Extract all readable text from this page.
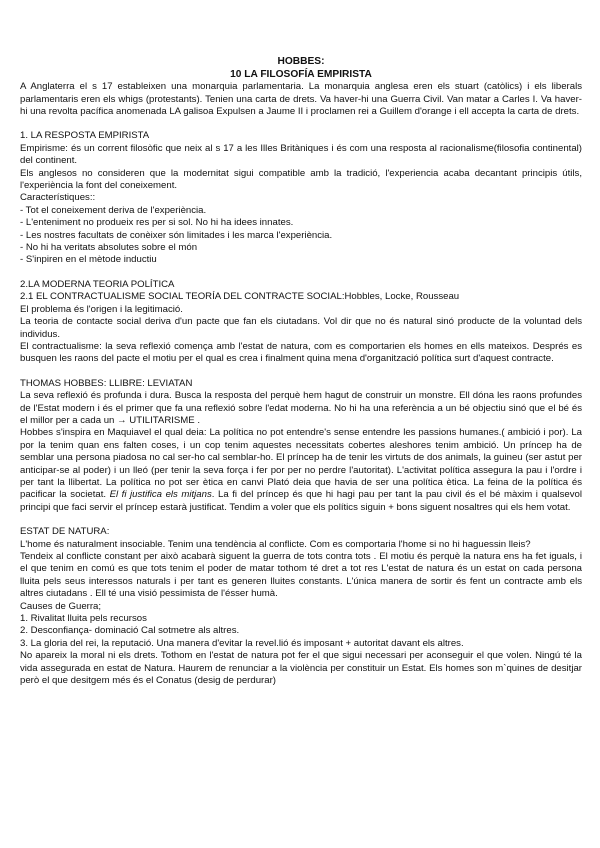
HOBBES:

10 LA FILOSOFÍA EMPIRISTA

A Anglaterra el s 17 estableixen una monarquia parlamentaria. La monarquia anglesa eren els stuart (catòlics) i els liberals parlamentaris eren els whigs (protestants). Tenien una carta de drets. Va haver-hi una Guerra Civil. Van matar a Carles I. Va haver-hi una revolta pacífica anomenada LA galisoa Expulsen a Jaume II i proclamen rei a Guillem d'orange i ell accepta la carta de drets.

1. LA RESPOSTA EMPIRISTA

Empirisme: és un corrent filosòfic que neix al s 17 a les Illes Britàniques i és com una resposta al racionalisme(filosofia continental) del continent.

Els anglesos no consideren que la modernitat sigui compatible amb la tradició, l'experiencia acaba decantant principis útils, l'experiència la font del coneixement.

Característiques::

- Tot el coneixement deriva de l'experiència.

- L'enteniment no produeix res per si sol. No hi ha idees innates.

- Les nostres facultats de conèixer són limitades i les marca l'experiència.

- No hi ha veritats absolutes sobre el món

- S'inpiren en el mètode inductiu

2.LA MODERNA TEORIA POLÍTICA

2.1 EL CONTRACTUALISME SOCIAL TEORÍA DEL CONTRACTE SOCIAL:Hobbles, Locke, Rousseau

El problema és l'origen i la legitimació.

La teoria de contacte social deriva d'un pacte que fan els ciutadans. Vol dir que no és natural sinó producte de la voluntad dels individus.

El contractualisme: la seva reflexió comença amb l'estat de natura, com es comportarien els homes en ells mateixos. Després es busquen les raons del pacte el motiu per el qual es crea i finalment quina mena d'organització política surt d'aquest contracte.

THOMAS HOBBES: LLIBRE: LEVIATAN

La seva reflexió és profunda i dura. Busca la resposta del perquè hem hagut de construir un monstre. Ell dóna les raons profundes de l'Estat modern i és el primer que fa una reflexió sobre l'edat moderna. No hi ha una referència a un bé objectiu sinó que el bé és el millor per a cada un → UTILITARISME .

Hobbes s'inspira en Maquiavel el qual deia: La política no pot entendre's sense entendre les passions humanes.( ambició i por). La por la tenim quan ens falten coses, i un cop tenim aquestes necessitats cobertes aleshores tenim ambició. Un príncep ha de semblar una persona piadosa no cal ser-ho cal semblar-ho. El príncep ha de tenir les virtuts de dos animals, la guineu (ser astut per anticipar-se al poder) i un lleó (per tenir la seva força i fer por per no perdre l'autoritat). L'activitat política assegura la pau i l'ordre i per tant la llibertat. La política no pot ser ètica en canvi Plató deia que havia de ser una política ètica. La feina de la política és pacificar la societat. El fi justifica els mitjans. La fi del príncep és que hi hagi pau per tant la pau civil és el bé màxim i qualsevol principi que faci servir el príncep estarà justificat. Tendim a voler que els polítics siguin + bons siguent nosaltres qui els hem votat.

ESTAT DE NATURA:

L'home és naturalment insociable. Tenim una tendència al conflicte. Com es comportaria l'home si no hi haguessin lleis?

Tendeix al conflicte constant per això acabarà siguent la guerra de tots contra tots . El motiu és perquè la natura ens ha fet iguals, i el que tenim en comú es que tots tenim el poder de matar tothom té dret a tot res L'estat de natura és un estat on cada persona lluita pels seus interessos naturals i per tant es generen lluites constants. L'única manera de sortir és fent un contracte amb els altres ciutadans . Ell té una visió pessimista de l'ésser humà.

Causes de Guerra;

1. Rivalitat lluita pels recursos

2. Desconfiança- dominació Cal sotmetre als altres.

3. La gloria del rei, la reputació. Una manera d'evitar la revel.lió és imposant + autoritat davant els altres.

No apareix la moral ni els drets. Tothom en l'estat de natura pot fer el que sigui necessari per aconseguir el que volen. Ningú té la vida assegurada en estat de Natura. Haurem de renunciar a la violència per constituir un Estat. Els homes son m`quines de desitjar però el que desitgem més és el Conatus (desig de perdurar)
